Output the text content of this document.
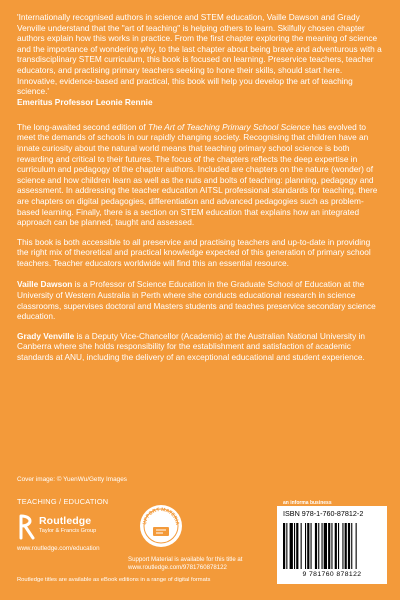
'Internationally recognised authors in science and STEM education, Vaille Dawson and Grady Venville understand that the "art of teaching" is helping others to learn. Skilfully chosen chapter authors explain how this works in practice. From the first chapter exploring the meaning of science and the importance of wondering why, to the last chapter about being brave and adventurous with a transdisciplinary STEM curriculum, this book is focused on learning. Preservice teachers, teacher educators, and practising primary teachers seeking to hone their skills, should start here. Innovative, evidence-based and practical, this book will help you develop the art of teaching science.'

Emeritus Professor Leonie Rennie

The long-awaited second edition of The Art of Teaching Primary School Science has evolved to meet the demands of schools in our rapidly changing society. Recognising that children have an innate curiosity about the natural world means that teaching primary school science is both rewarding and critical to their futures. The focus of the chapters reflects the deep expertise in curriculum and pedagogy of the chapter authors. Included are chapters on the nature (wonder) of science and how children learn as well as the nuts and bolts of teaching: planning, pedagogy and assessment. In addressing the teacher education AITSL professional standards for teaching, there are chapters on digital pedagogies, differentiation and advanced pedagogies such as problem-based learning. Finally, there is a section on STEM education that explains how an integrated approach can be planned, taught and assessed.

This book is both accessible to all preservice and practising teachers and up-to-date in providing the right mix of theoretical and practical knowledge expected of this generation of primary school teachers. Teacher educators worldwide will find this an essential resource.

Vaille Dawson is a Professor of Science Education in the Graduate School of Education at the University of Western Australia in Perth where she conducts educational research in science classrooms, supervises doctoral and Masters students and teaches preservice secondary science education.

Grady Venville is a Deputy Vice-Chancellor (Academic) at the Australian National University in Canberra where she holds responsibility for the establishment and satisfaction of academic standards at ANU, including the delivery of an exceptional educational and student experience.

Cover image: © YuenWu/Getty Images
TEACHING / EDUCATION
Routledge
Taylor & Francis Group
www.routledge.com/education
UPPORT MATERIA
Support Material is available for this title at www.routledge.com/9781760878122
an informa business
ISBN 978-1-760-87812-2
9 781760 878122
Routledge titles are available as eBook editions in a range of digital formats
